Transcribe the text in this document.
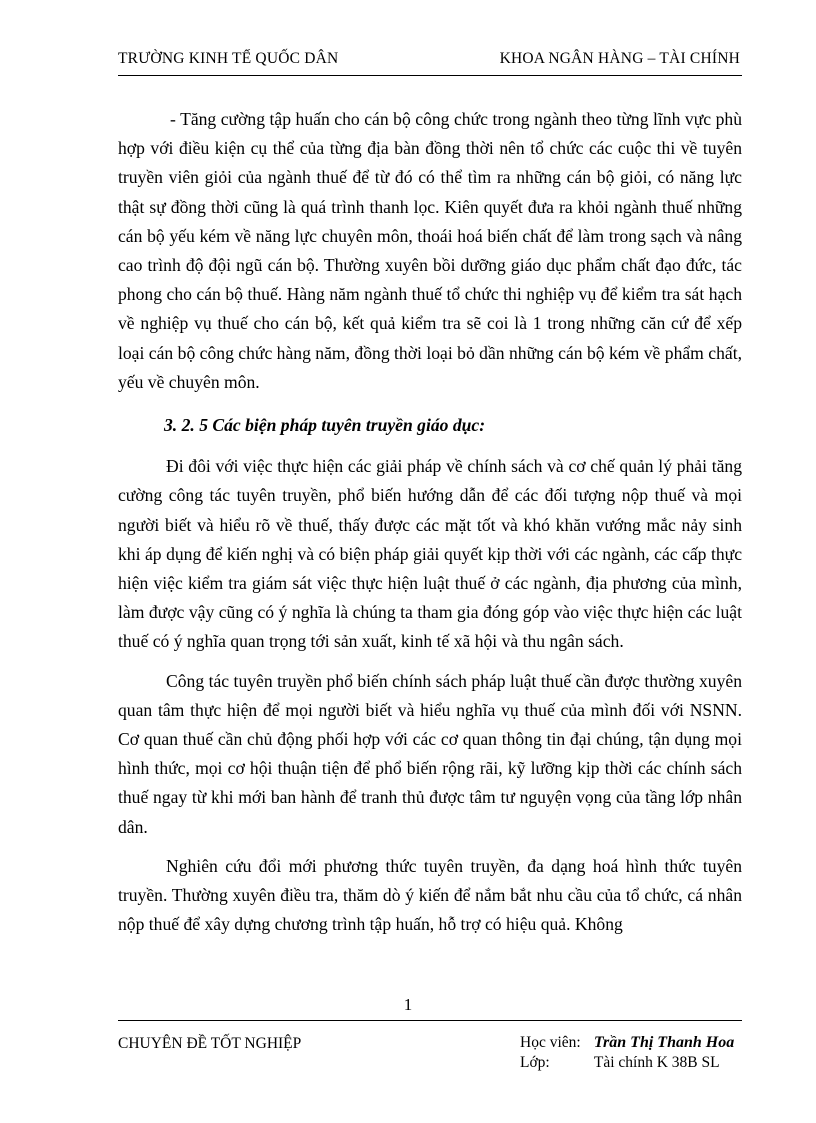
TRƯỜNG KINH TẾ QUỐC DÂN	KHOA NGÂN HÀNG – TÀI CHÍNH

- Tăng cường tập huấn cho cán bộ công chức trong ngành theo từng lĩnh vực phù hợp với điều kiện cụ thể của từng địa bàn đồng thời nên tổ chức các cuộc thi về tuyên truyền viên giỏi của ngành thuế để từ đó có thể tìm ra những cán bộ giỏi, có năng lực thật sự đồng thời cũng là quá trình thanh lọc. Kiên quyết đưa ra khỏi ngành thuế những cán bộ yếu kém về năng lực chuyên môn, thoái hoá biến chất để làm trong sạch và nâng cao trình độ đội ngũ cán bộ. Thường xuyên bồi dưỡng giáo dục phẩm chất đạo đức, tác phong cho cán bộ thuế. Hàng năm ngành thuế tổ chức thi nghiệp vụ để kiểm tra sát hạch về nghiệp vụ thuế cho cán bộ, kết quả kiểm tra sẽ coi là 1 trong những căn cứ để xếp loại cán bộ công chức hàng năm, đồng thời loại bỏ dần những cán bộ kém về phẩm chất, yếu về chuyên môn.

3. 2. 5 Các biện pháp tuyên truyền giáo dục:

Đi đôi với việc thực hiện các giải pháp về chính sách và cơ chế quản lý phải tăng cường công tác tuyên truyền, phổ biến hướng dẫn để các đối tượng nộp thuế và mọi người biết và hiểu rõ về thuế, thấy được các mặt tốt và khó khăn vướng mắc nảy sinh khi áp dụng để kiến nghị và có biện pháp giải quyết kịp thời với các ngành, các cấp thực hiện việc kiểm tra giám sát việc thực hiện luật thuế ở các ngành, địa phương của mình, làm được vậy cũng có ý nghĩa là chúng ta tham gia đóng góp vào việc thực hiện các luật thuế có ý nghĩa quan trọng tới sản xuất, kinh tế xã hội và thu ngân sách.

Công tác tuyên truyền phổ biến chính sách pháp luật thuế cần được thường xuyên quan tâm thực hiện để mọi người biết và hiểu nghĩa vụ thuế của mình đối với NSNN. Cơ quan thuế cần chủ động phối hợp với các cơ quan thông tin đại chúng, tận dụng mọi hình thức, mọi cơ hội thuận tiện để phổ biến rộng rãi, kỹ lưỡng kịp thời các chính sách thuế ngay từ khi mới ban hành để tranh thủ được tâm tư nguyện vọng của tầng lớp nhân dân.

Nghiên cứu đổi mới phương thức tuyên truyền, đa dạng hoá hình thức tuyên truyền. Thường xuyên điều tra, thăm dò ý kiến để nắm bắt nhu cầu của tổ chức, cá nhân nộp thuế để xây dựng chương trình tập huấn, hỗ trợ có hiệu quả. Không

1
CHUYÊN ĐỀ TỐT NGHIỆP	Học viên: Trần Thị Thanh Hoa
Lớp:	Tài chính K 38B SL
